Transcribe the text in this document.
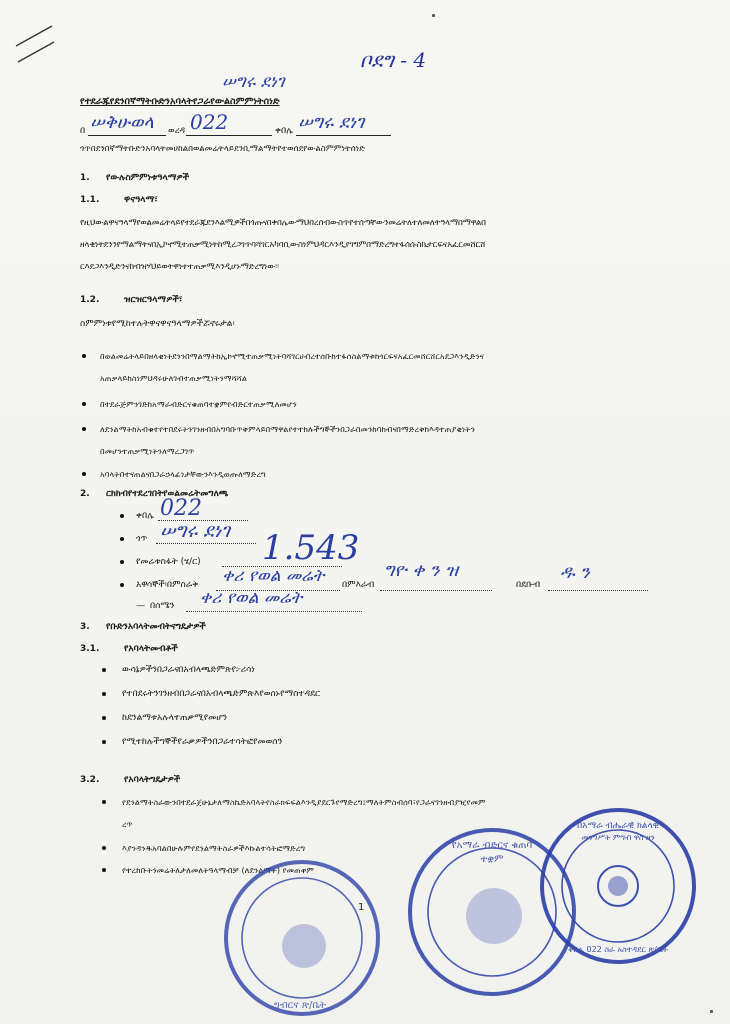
ቦደግ - 4
ሠግሩ ደነገ
የተደራጁየደንበኛማትቡድንአባላትየጋራየውልስምምነትሰነድ
በ ሠቅሁወላ ወረዳ 022	ቀበሌ ሠግሩ ደነገ
ጎጥበደንበኛማትቡድንአባላትመሀከልበወልመሬትላይደንቢማልማትየተወሰደየውልስምምነትሰነድ
1. የውሉስምምነቱዓላማዎች
1.1.	ዋናዓላማ፣
የዚህውልዋናዓላማየወልመሬትላይየተደራጁደንእልሚዎችበጎጡናበቀበሌውማህበረሰብውስጥየተሰጣቸውንመሬትለተለመለትዓላማበማዋልበ
ዘላቂነትደንንየማልማትናበኢኮኖሚተጠቃሚነትከሚረጋገጥባሻገርአካባቢውስነምህዳርእንዲያገግምበማድረግተፋሰሱስኬታርፍናአፈርመሸርሸ
ርእደጋእንዲድንናከብዝሃህይወትዋነተተጠቃሚእንዲሆኑማድረግነው፡፡
1.2.	ዝርዝርዓላማዎች፣
ስምምነቱየሚከተሉትዋናዋናዓላማዎችሯኖሩታል፡
በወልመሬትላይበዘላቂነትደንንበማልማትከኢኮኖሚተጠቃሚነትባሻገርሀብረተሰቡከተፋሰስልማቱከጎርፍናአፈርመሸርሸርአደጋእንዲድንና
አጠቃላይከስነምህዳሩሁለገብተጠቃሚነትንማሻሻል
በተደራጅምንገድከአማራብድርናቁጠባተቋምየብድርተጠቃሚለመሆን
ለደንልማትከአብቁተየተበደሩትንገንዘብበአግባቡጥቅምላይበማዋልየተተከሉችግኞችንበጋራበመንከባከብናበማድረቅከእዳተጠያቂነትን
በመሆንተጠቃሚነትንለማረጋገጥ
አባላትበተናጠልናበጋራኃላፊነታቸውንእንዲወጡለማድረግ
2. ርክክብየተደረገበትየወልመሬትመግለጫ
ቀበሌ 022
ጎጥ ሠግሩ ደነገ
የመሬቱስፋት (ሄ/ር) 1.543
አዋሳኞች፡በምስራቅ ቀሪ የወል መሬት በምእራብ
ግዮ ቀ ን ዝ
በደቡብ
ዱ ን
— በሰሜን ቀሪ የወል መሬት
3. የቡድንአባላትመብትናግዴታዎች
3.1.	የአባላትመብቶች
ውሳኔዎችንበጋራናበአብላጫድምጽየ፦ሪሳነ
የተበደሩትንገንዘብበጋራናበአብላጫድምጽእየወሰኑየማስተዳደር
ከደንልማቱአሉላተጠቃሚየመሆን
የሚተከሉችግኞችየራቃዎችንበጋራተሳትፎየመወሰን
3.2.	የአባላትግዴታዎች
የደንልማትስራውንበተደራጀሁኔታለማስኬድአባላትየስራክፍፍልእንዲያደርጉየማድረግ፤ማለትምስብሰባ፣የጋራናገንዘብያዢየመም
ረጥ
እያንዳንዱአባልበሁሉምየደንልማትስራዎችእኩልተሳትፎማድረግ
የተረከቡትንመሬትለታለመለትዓላማብቻ (ለደንልማት) የመጠቀም
1
ግብርና ጽ/ቤት
የአማራ ብድርና ቁጠባ
ተቋም
በአማራ ብሔራዊ ክልላዊ
መንግሥት ምግብ ዋስ ዞን
ቀበሌ 022 ስራ አስተዳደር ጽ/ቤት
